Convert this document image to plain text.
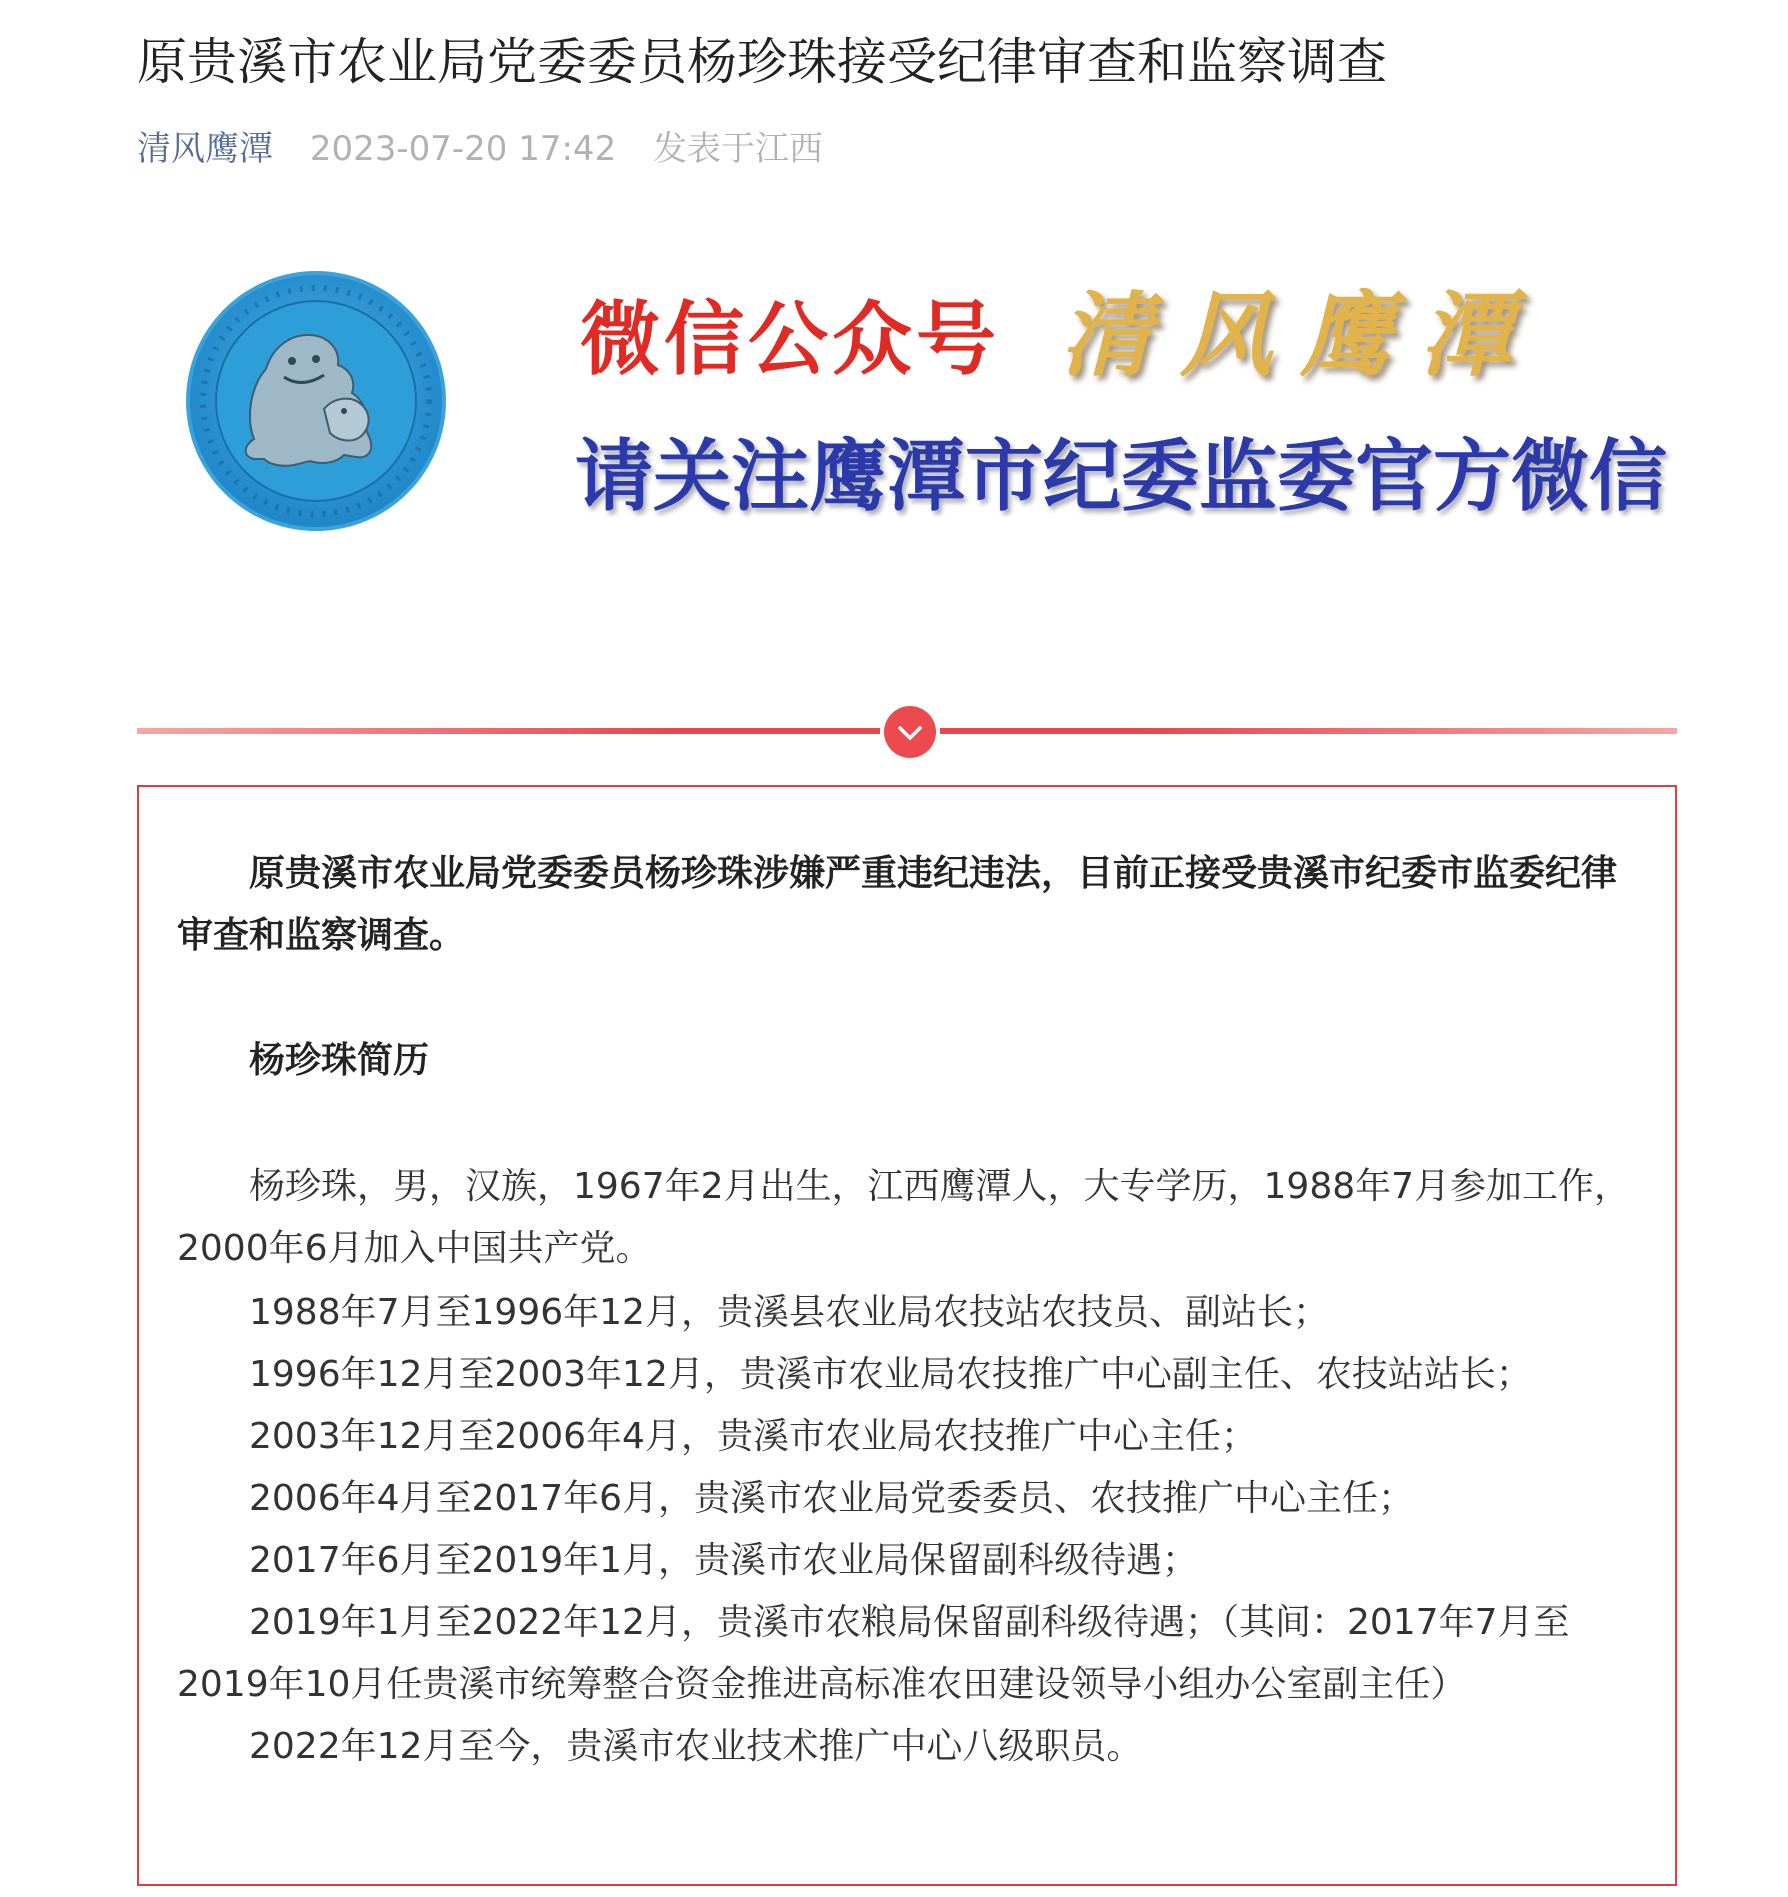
原贵溪市农业局党委委员杨珍珠接受纪律审查和监察调查
清风鹰潭 2023-07-20 17:42 发表于江西
微信公众号 清风鹰潭
请关注鹰潭市纪委监委官方微信

原贵溪市农业局党委委员杨珍珠涉嫌严重违纪违法，目前正接受贵溪市纪委市监委纪律审查和监察调查。

杨珍珠简历

杨珍珠，男，汉族，1967年2月出生，江西鹰潭人，大专学历，1988年7月参加工作，2000年6月加入中国共产党。

1988年7月至1996年12月，贵溪县农业局农技站农技员、副站长；
1996年12月至2003年12月，贵溪市农业局农技推广中心副主任、农技站站长；
2003年12月至2006年4月，贵溪市农业局农技推广中心主任；
2006年4月至2017年6月，贵溪市农业局党委委员、农技推广中心主任；
2017年6月至2019年1月，贵溪市农业局保留副科级待遇；
2019年1月至2022年12月，贵溪市农粮局保留副科级待遇；（其间：2017年7月至2019年10月任贵溪市统筹整合资金推进高标准农田建设领导小组办公室副主任）
2022年12月至今，贵溪市农业技术推广中心八级职员。
